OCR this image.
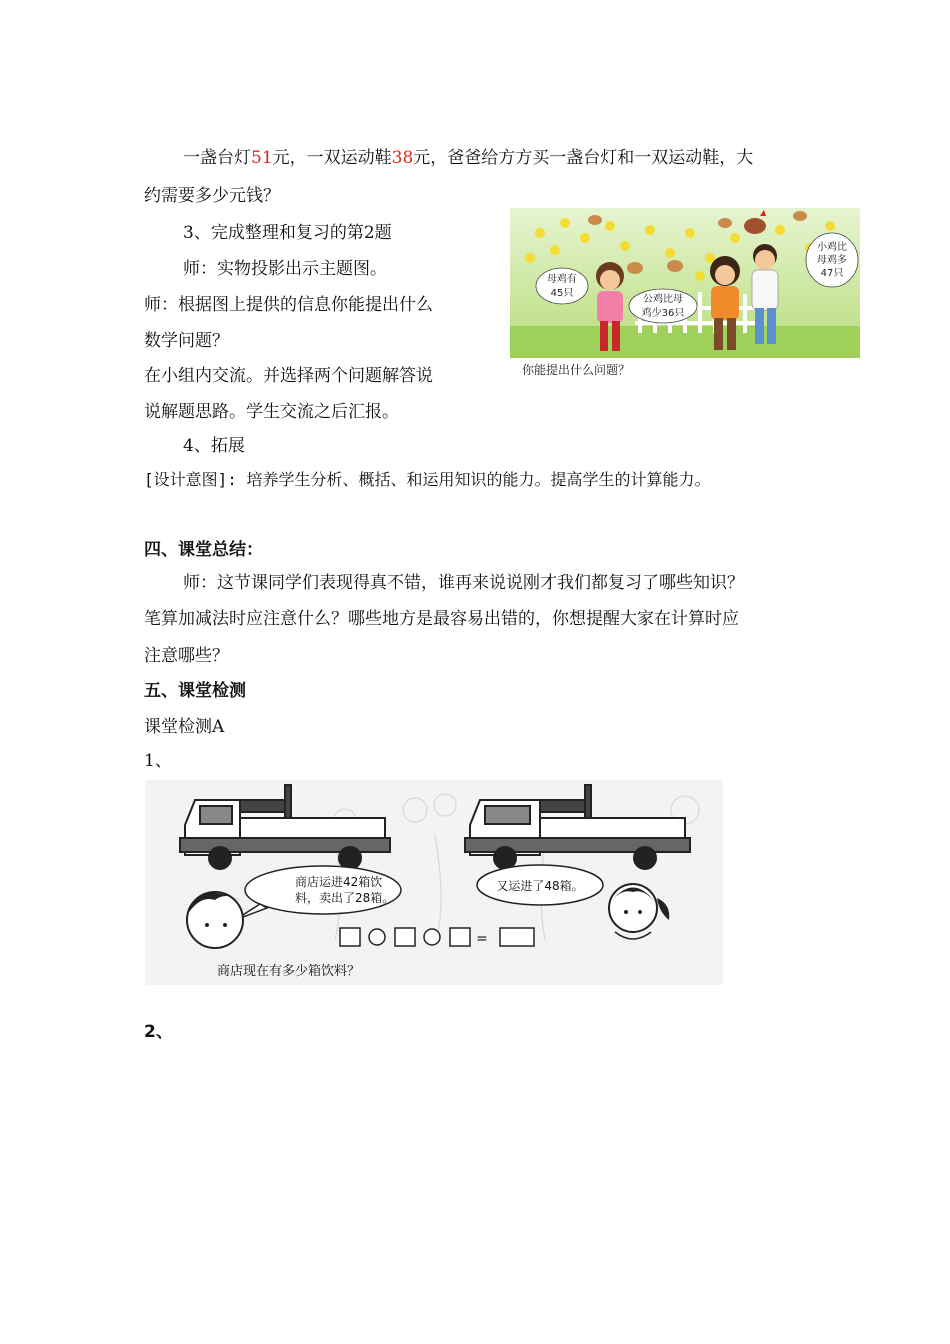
一盏台灯51元，一双运动鞋38元，爸爸给方方买一盏台灯和一双运动鞋，大
约需要多少元钱？
3、完成整理和复习的第2题
师：实物投影出示主题图。
师：根据图上提供的信息你能提出什么
数学问题？
在小组内交流。并选择两个问题解答说
说解题思路。学生交流之后汇报。
母鸡有
45只
公鸡比母
鸡少36只
小鸡比
母鸡多
47只
你能提出什么问题？
4、拓展
[设计意图]: 培养学生分析、概括、和运用知识的能力。提高学生的计算能力。
四、课堂总结：
师：这节课同学们表现得真不错，谁再来说说刚才我们都复习了哪些知识？
笔算加减法时应注意什么？哪些地方是最容易出错的，你想提醒大家在计算时应
注意哪些？
五、课堂检测
课堂检测A
1、
商店运进42箱饮
料，卖出了28箱。
又运进了48箱。
=
商店现在有多少箱饮料？
2、
